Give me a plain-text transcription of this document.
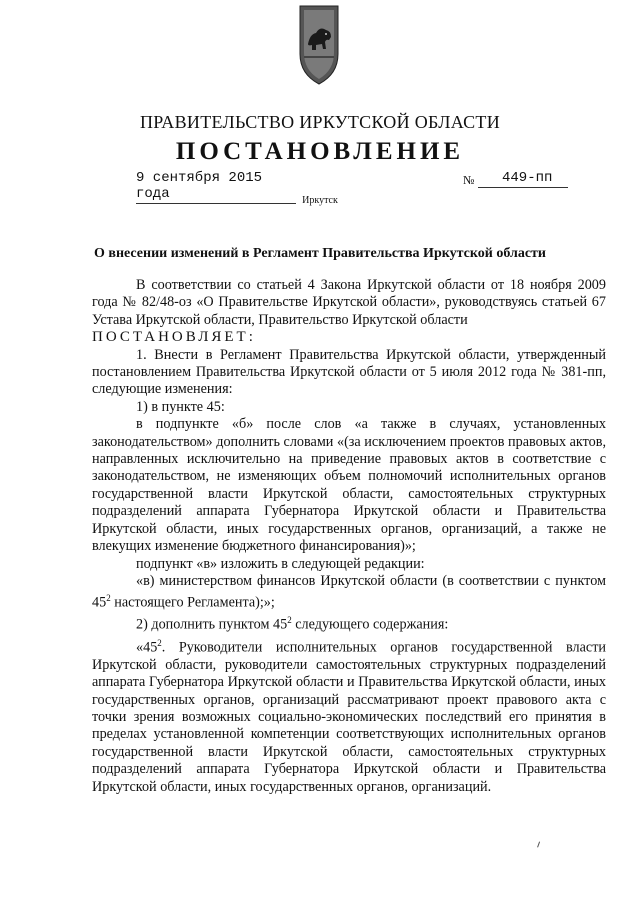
ПРАВИТЕЛЬСТВО ИРКУТСКОЙ ОБЛАСТИ
ПОСТАНОВЛЕНИЕ
9 сентября 2015 года
№	449-пп
Иркутск
О внесении изменений в Регламент Правительства Иркутской области

В соответствии со статьей 4 Закона Иркутской области от 18 ноября 2009 года № 82/48-оз «О Правительстве Иркутской области», руководствуясь статьей 67 Устава Иркутской области, Правительство Иркутской области

ПОСТАНОВЛЯЕТ:

1. Внести в Регламент Правительства Иркутской области, утвержденный постановлением Правительства Иркутской области от 5 июля 2012 года № 381-пп, следующие изменения:

1) в пункте 45:

в подпункте «б» после слов «а также в случаях, установленных законодательством» дополнить словами «(за исключением проектов правовых актов, направленных исключительно на приведение правовых актов в соответствие с законодательством, не изменяющих объем полномочий исполнительных органов государственной власти Иркутской области, самостоятельных структурных подразделений аппарата Губернатора Иркутской области и Правительства Иркутской области, иных государственных органов, организаций, а также не влекущих изменение бюджетного финансирования)»;

подпункт «в» изложить в следующей редакции:

«в) министерством финансов Иркутской области (в соответствии с пунктом $45^2$ настоящего Регламента);»;

2) дополнить пунктом $45^2$ следующего содержания:

«$45^2$. Руководители исполнительных органов государственной власти Иркутской области, руководители самостоятельных структурных подразделений аппарата Губернатора Иркутской области и Правительства Иркутской области, иных государственных органов, организаций рассматривают проект правового акта с точки зрения возможных социально-экономических последствий его принятия в пределах установленной компетенции соответствующих исполнительных органов государственной власти Иркутской области, самостоятельных структурных подразделений аппарата Губернатора Иркутской области и Правительства Иркутской области, иных государственных органов, организаций.
